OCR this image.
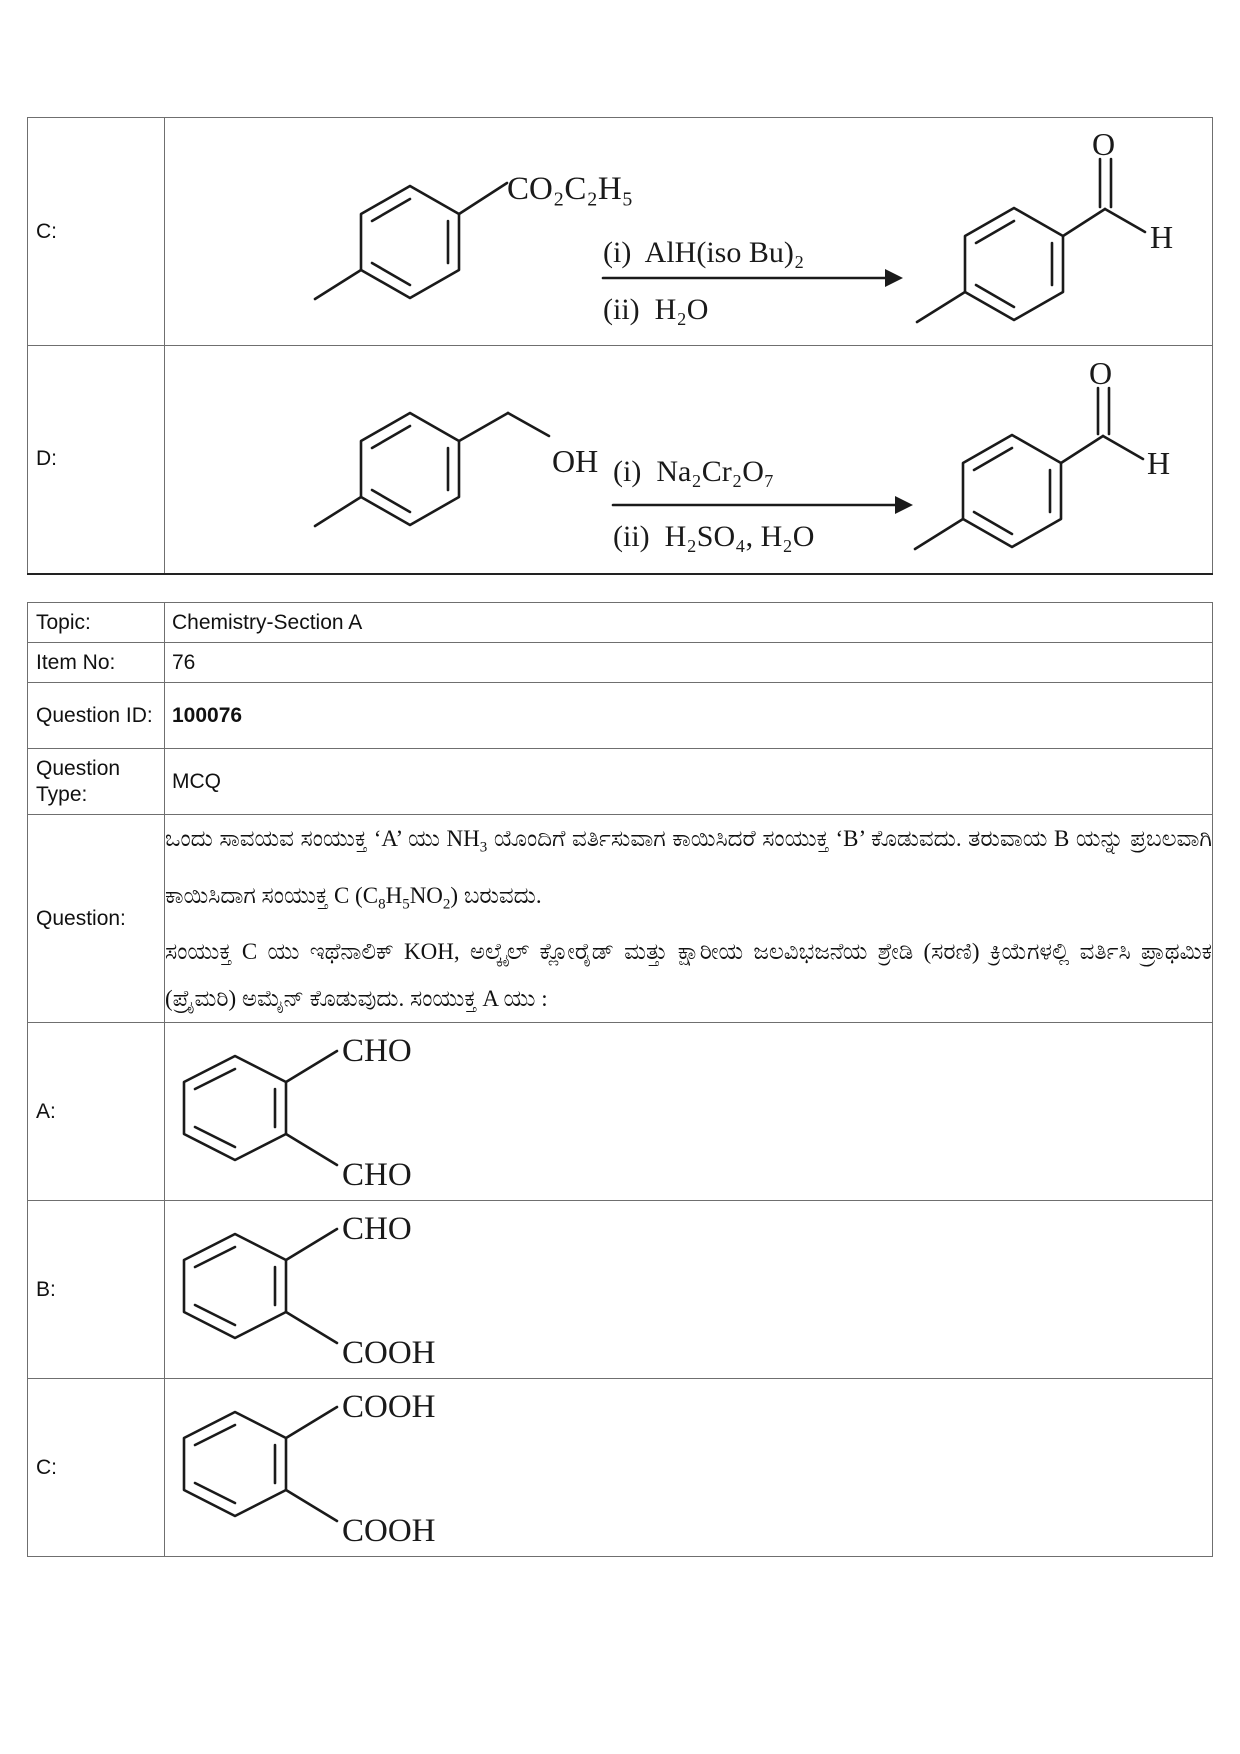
C:	CO₂C₂H₅
(i)  AlH(iso Bu)₂
(ii)  H₂O
O
H

D:	OH (i)  Na₂Cr₂O₇
(ii)  H₂SO₄, H₂O
O
H
Topic:	Chemistry-Section A
Item No:	76
Question ID:	100076
Question Type:	MCQ
Question:	ಒಂದು ಸಾವಯವ ಸಂಯುಕ್ತ ‘A’ ಯು $NH_3$ ಯೊಂದಿಗೆ ವರ್ತಿಸುವಾಗ ಕಾಯಿಸಿದರೆ ಸಂಯುಕ್ತ ‘B’ ಕೊಡುವದು. ತರುವಾಯ B ಯನ್ನು ಪ್ರಬಲವಾಗಿ ಕಾಯಿಸಿದಾಗ ಸಂಯುಕ್ತ C $(C_8H_5NO_2)$ ಬರುವದು.
ಸಂಯುಕ್ತ C ಯು ಇಥೆನಾಲಿಕ್ KOH, ಅಲ್ಕೈಲ್ ಕ್ಲೋರೈಡ್ ಮತ್ತು ಕ್ಷಾರೀಯ ಜಲವಿಭಜನೆಯ ಶ್ರೇಡಿ (ಸರಣಿ) ಕ್ರಿಯೆಗಳಲ್ಲಿ ವರ್ತಿಸಿ ಪ್ರಾಥಮಿಕ (ಪ್ರೈಮರಿ) ಅಮೈನ್ ಕೊಡುವುದು. ಸಂಯುಕ್ತ A ಯು :

A:	CHO
CHO

B:	CHO
COOH

C:	COOH
COOH
